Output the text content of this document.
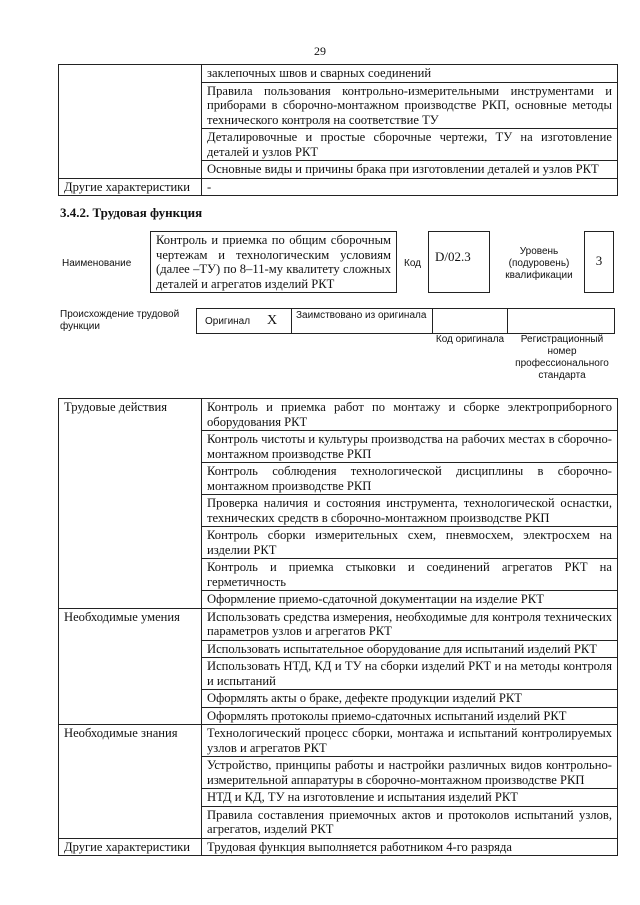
29
	заклепочных швов и сварных соединений
	Правила пользования контрольно-измерительными инструментами и приборами в сборочно-монтажном производстве РКП, основные методы технического контроля на соответствие ТУ
	Деталировочные и простые сборочные чертежи, ТУ на изготовление деталей и узлов РКТ
	Основные виды и причины брака при изготовлении деталей и узлов РКТ
Другие характеристики	-
3.4.2. Трудовая функция
Наименование
Контроль и приемка по общим сборочным чертежам и технологическим условиям (далее –ТУ) по 8–11-му квалитету сложных деталей и агрегатов изделий РКТ
Код	D/02.3	Уровень (подуровень) квалификации
3
Происхождение трудовой функции	Оригинал X Заимствовано из оригинала
Код оригинала	Регистрационный номер профессионального стандарта
Трудовые действия	Контроль и приемка работ по монтажу и сборке электроприборного оборудования РКТ
	Контроль чистоты и культуры производства на рабочих местах в сборочно-монтажном производстве РКП
	Контроль соблюдения технологической дисциплины в сборочно-монтажном производстве РКП
	Проверка наличия и состояния инструмента, технологической оснастки, технических средств в сборочно-монтажном производстве РКП
	Контроль сборки измерительных схем, пневмосхем, электросхем на изделии РКТ
	Контроль и приемка стыковки и соединений агрегатов РКТ на герметичность
	Оформление приемо-сдаточной документации на изделие РКТ
Необходимые умения	Использовать средства измерения, необходимые для контроля технических параметров узлов и агрегатов РКТ
	Использовать испытательное оборудование для испытаний изделий РКТ
	Использовать НТД, КД и ТУ на сборки изделий РКТ и на методы контроля и испытаний
	Оформлять акты о браке, дефекте продукции изделий РКТ
	Оформлять протоколы приемо-сдаточных испытаний изделий РКТ
Необходимые знания	Технологический процесс сборки, монтажа и испытаний контролируемых узлов и агрегатов РКТ
	Устройство, принципы работы и настройки различных видов контрольно-измерительной аппаратуры в сборочно-монтажном производстве РКП
	НТД и КД, ТУ на изготовление и испытания изделий РКТ
	Правила составления приемочных актов и протоколов испытаний узлов, агрегатов, изделий РКТ
Другие характеристики	Трудовая функция выполняется работником 4-го разряда
